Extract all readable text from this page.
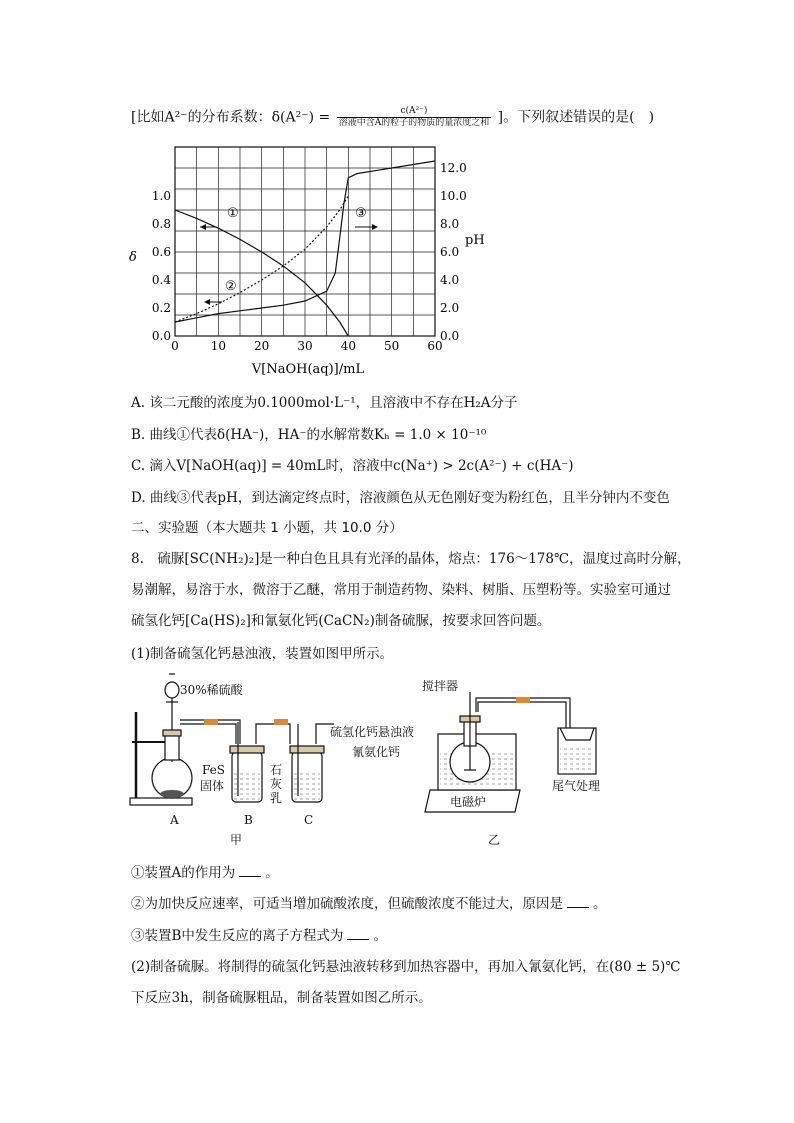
[比如A²⁻的分布系数：$\delta(A^{2-}) = \frac{\text{c(A²⁻)}}{\text{溶液中含A的粒子的物质的量浓度之和}}$ ]。下列叙述错误的是(　)
0	10 20 30 40 50 60
0.0
0.2
0.4
0.6
0.8
1.0
0.0
2.0
4.0
6.0
8.0
10.0
12.0
①
②
③
δ
pH
V[NaOH(aq)]/mL
A. 该二元酸的浓度为0.1000mol·L⁻¹，且溶液中不存在H₂A分子
B. 曲线①代表δ(HA⁻)，HA⁻的水解常数Kₕ = 1.0 × 10⁻¹⁰
C. 滴入V[NaOH(aq)] = 40mL时，溶液中c(Na⁺) > 2c(A²⁻) + c(HA⁻)
D. 曲线③代表pH，到达滴定终点时，溶液颜色从无色刚好变为粉红色，且半分钟内不变色
二、实验题（本大题共 1 小题，共 10.0 分）
8.　硫脲[SC(NH₂)₂]是一种白色且具有光泽的晶体，熔点：176～178℃，温度过高时分解，
易潮解，易溶于水，微溶于乙醚，常用于制造药物、染料、树脂、压塑粉等。实验室可通过
硫氢化钙[Ca(HS)₂]和氰氨化钙(CaCN₂)制备硫脲，按要求回答问题。
(1)制备硫氢化钙悬浊液，装置如图甲所示。
30%稀硫酸
FeS
固体
石
灰
乳
A	B	C
甲
搅拌器
硫氢化钙悬浊液
氰氨化钙
电磁炉
尾气处理
乙
①装置A的作用为 。
②为加快反应速率，可适当增加硫酸浓度，但硫酸浓度不能过大，原因是 。
③装置B中发生反应的离子方程式为 。
(2)制备硫脲。将制得的硫氢化钙悬浊液转移到加热容器中，再加入氰氨化钙，在(80 ± 5)℃
下反应3h，制备硫脲粗品，制备装置如图乙所示。
